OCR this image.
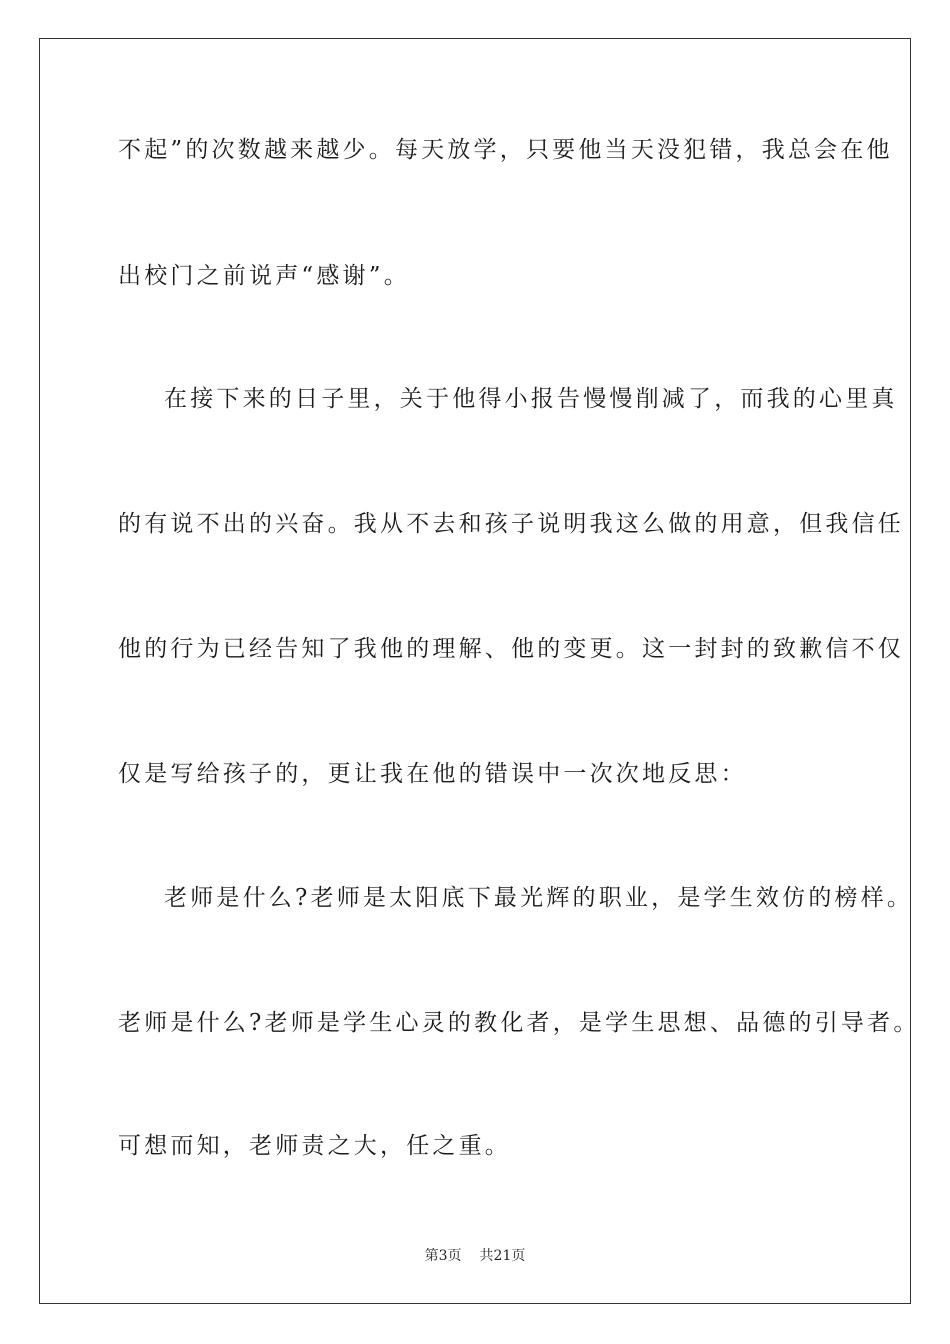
不起”的次数越来越少。每天放学，只要他当天没犯错，我总会在他

出校门之前说声“感谢”。

在接下来的日子里，关于他得小报告慢慢削减了，而我的心里真

的有说不出的兴奋。我从不去和孩子说明我这么做的用意，但我信任

他的行为已经告知了我他的理解、他的变更。这一封封的致歉信不仅

仅是写给孩子的，更让我在他的错误中一次次地反思：

老师是什么?老师是太阳底下最光辉的职业，是学生效仿的榜样。

老师是什么?老师是学生心灵的教化者，是学生思想、品德的引导者。

可想而知，老师责之大，任之重。

第3页 共21页
